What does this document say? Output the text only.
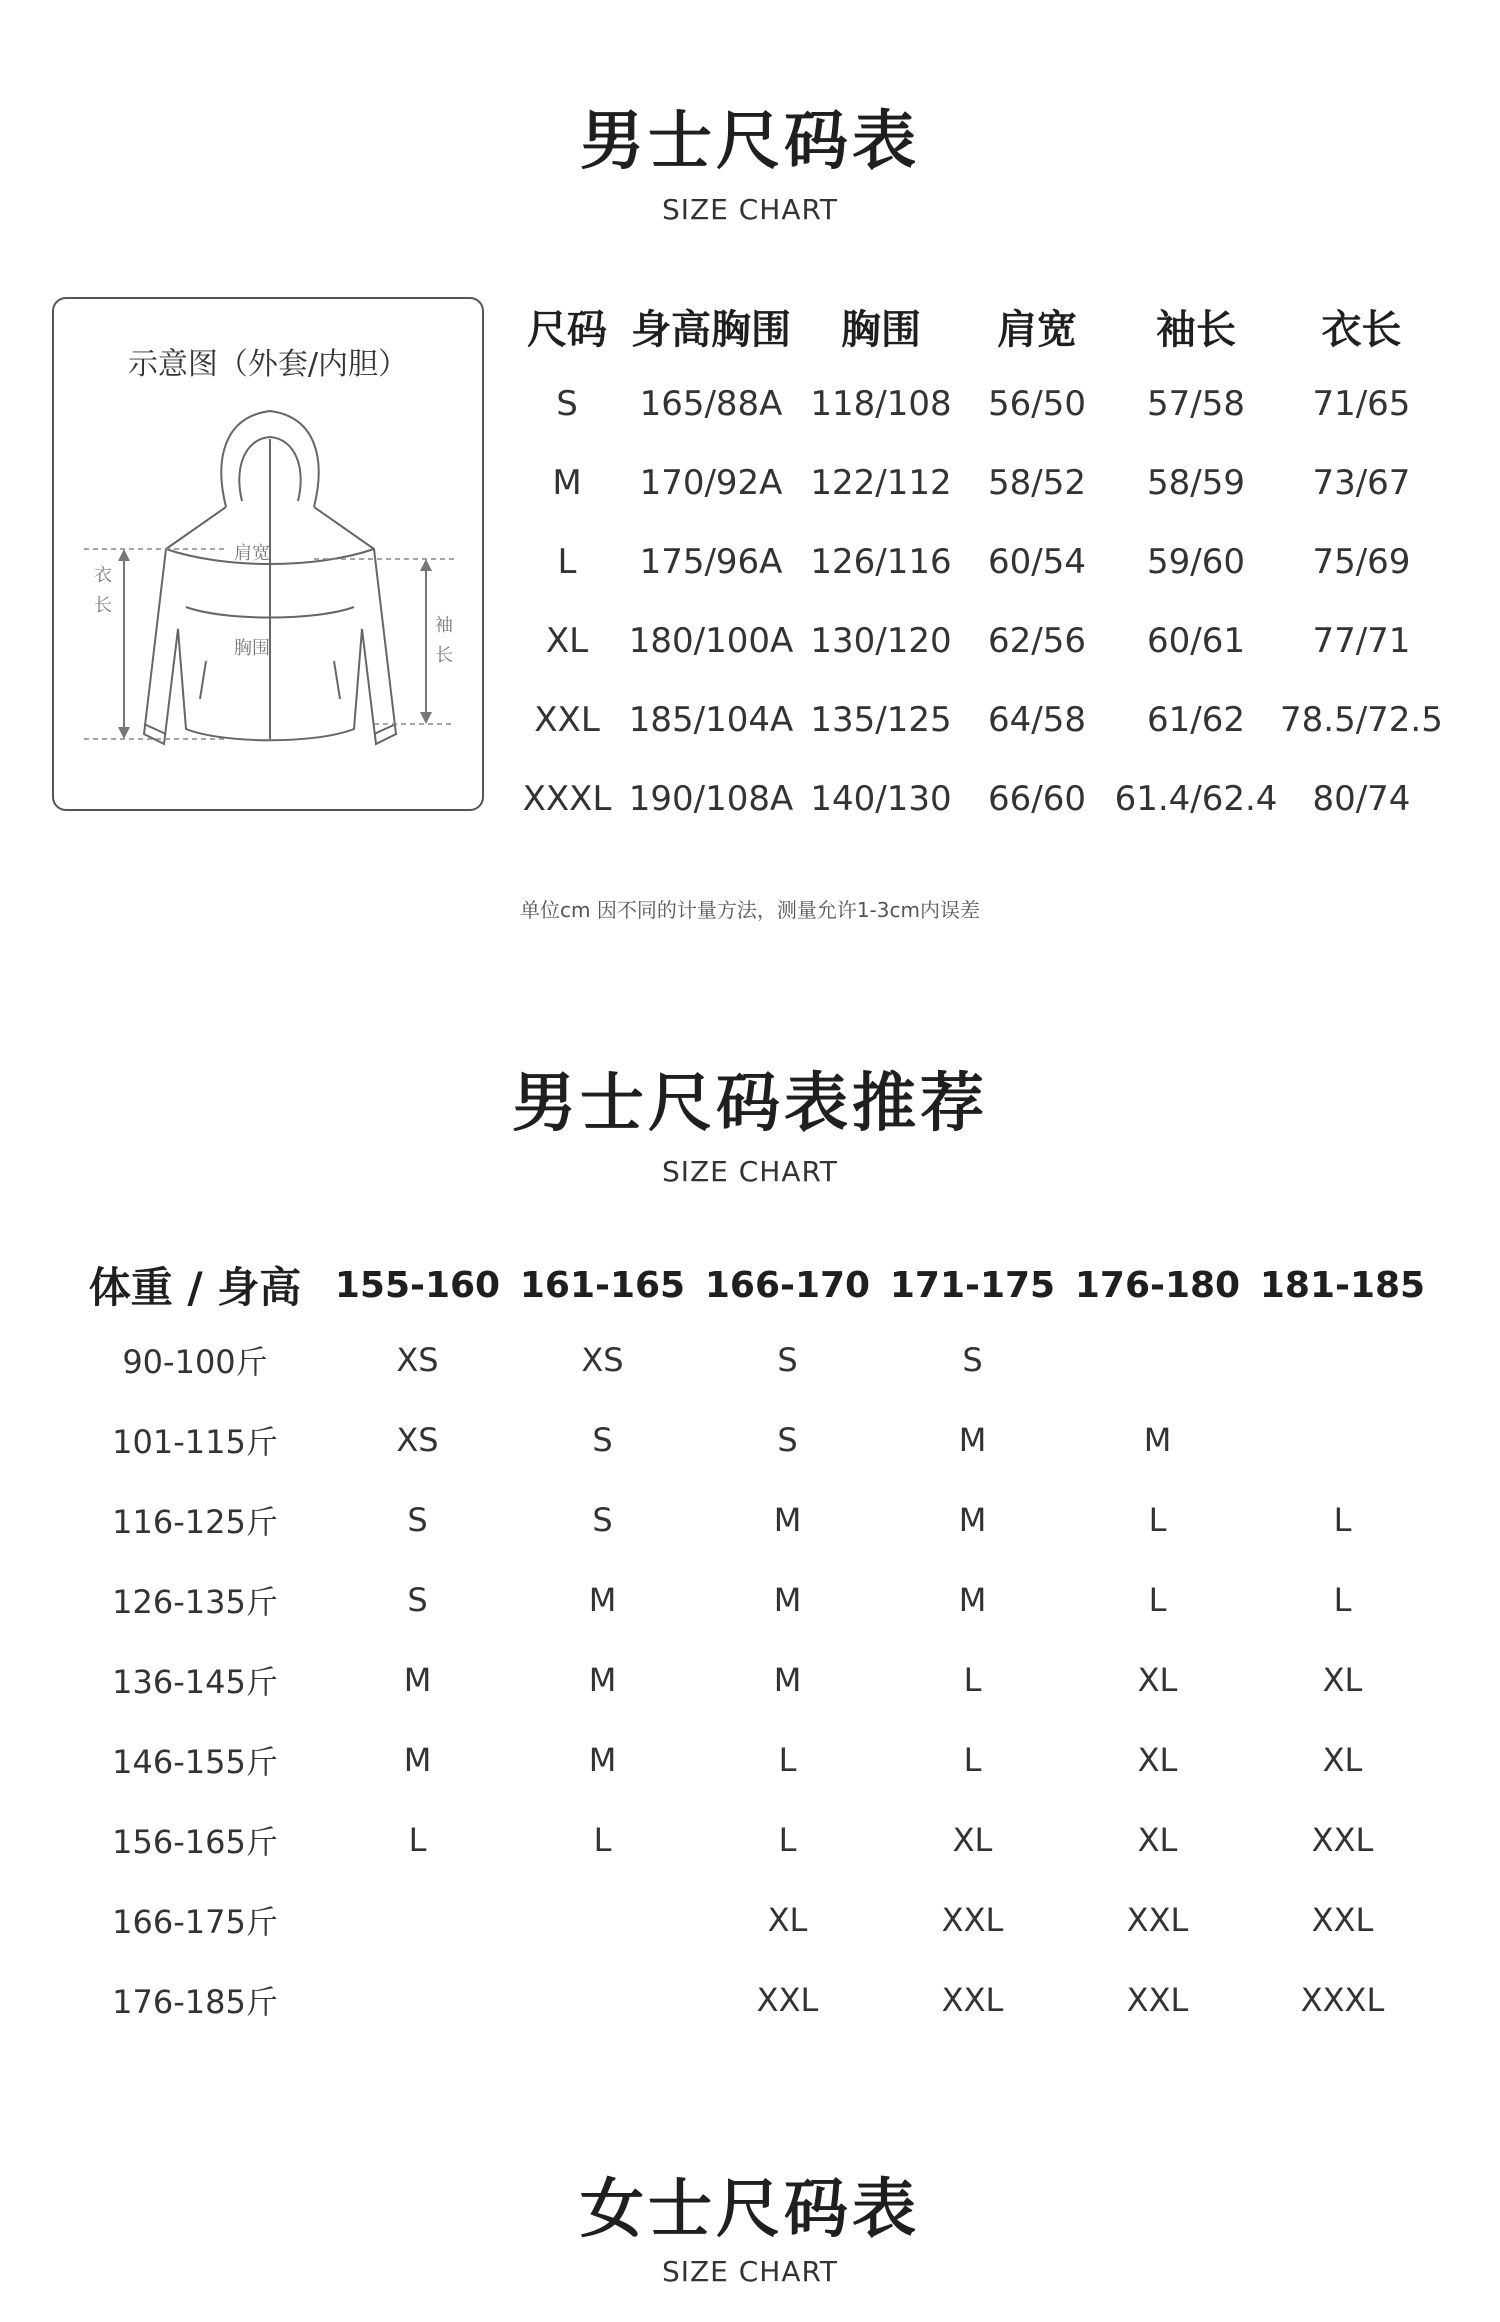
男士尺码表
SIZE CHART
示意图（外套/内胆）
肩宽
胸围
衣长
袖长
尺码	身高胸围	胸围	肩宽	袖长	衣长
S	165/88A	118/108	56/50	57/58	71/65
M	170/92A	122/112	58/52	58/59	73/67
L	175/96A	126/116	60/54	59/60	75/69
XL	180/100A	130/120	62/56	60/61	77/71
XXL	185/104A	135/125	64/58	61/62	78.5/72.5
XXXL	190/108A	140/130	66/60	61.4/62.4	80/74
单位cm 因不同的计量方法，测量允许1-3cm内误差
男士尺码表推荐
SIZE CHART
体重 / 身高	155-160	161-165	166-170	171-175	176-180	181-185
90-100斤	XS	XS	S	S		
101-115斤	XS	S	S	M	M	
116-125斤	S	S	M	M	L	L
126-135斤	S	M	M	M	L	L
136-145斤	M	M	M	L	XL	XL
146-155斤	M	M	L	L	XL	XL
156-165斤	L	L	L	XL	XL	XXL
166-175斤			XL	XXL	XXL	XXL
176-185斤			XXL	XXL	XXL	XXXL
女士尺码表
SIZE CHART
